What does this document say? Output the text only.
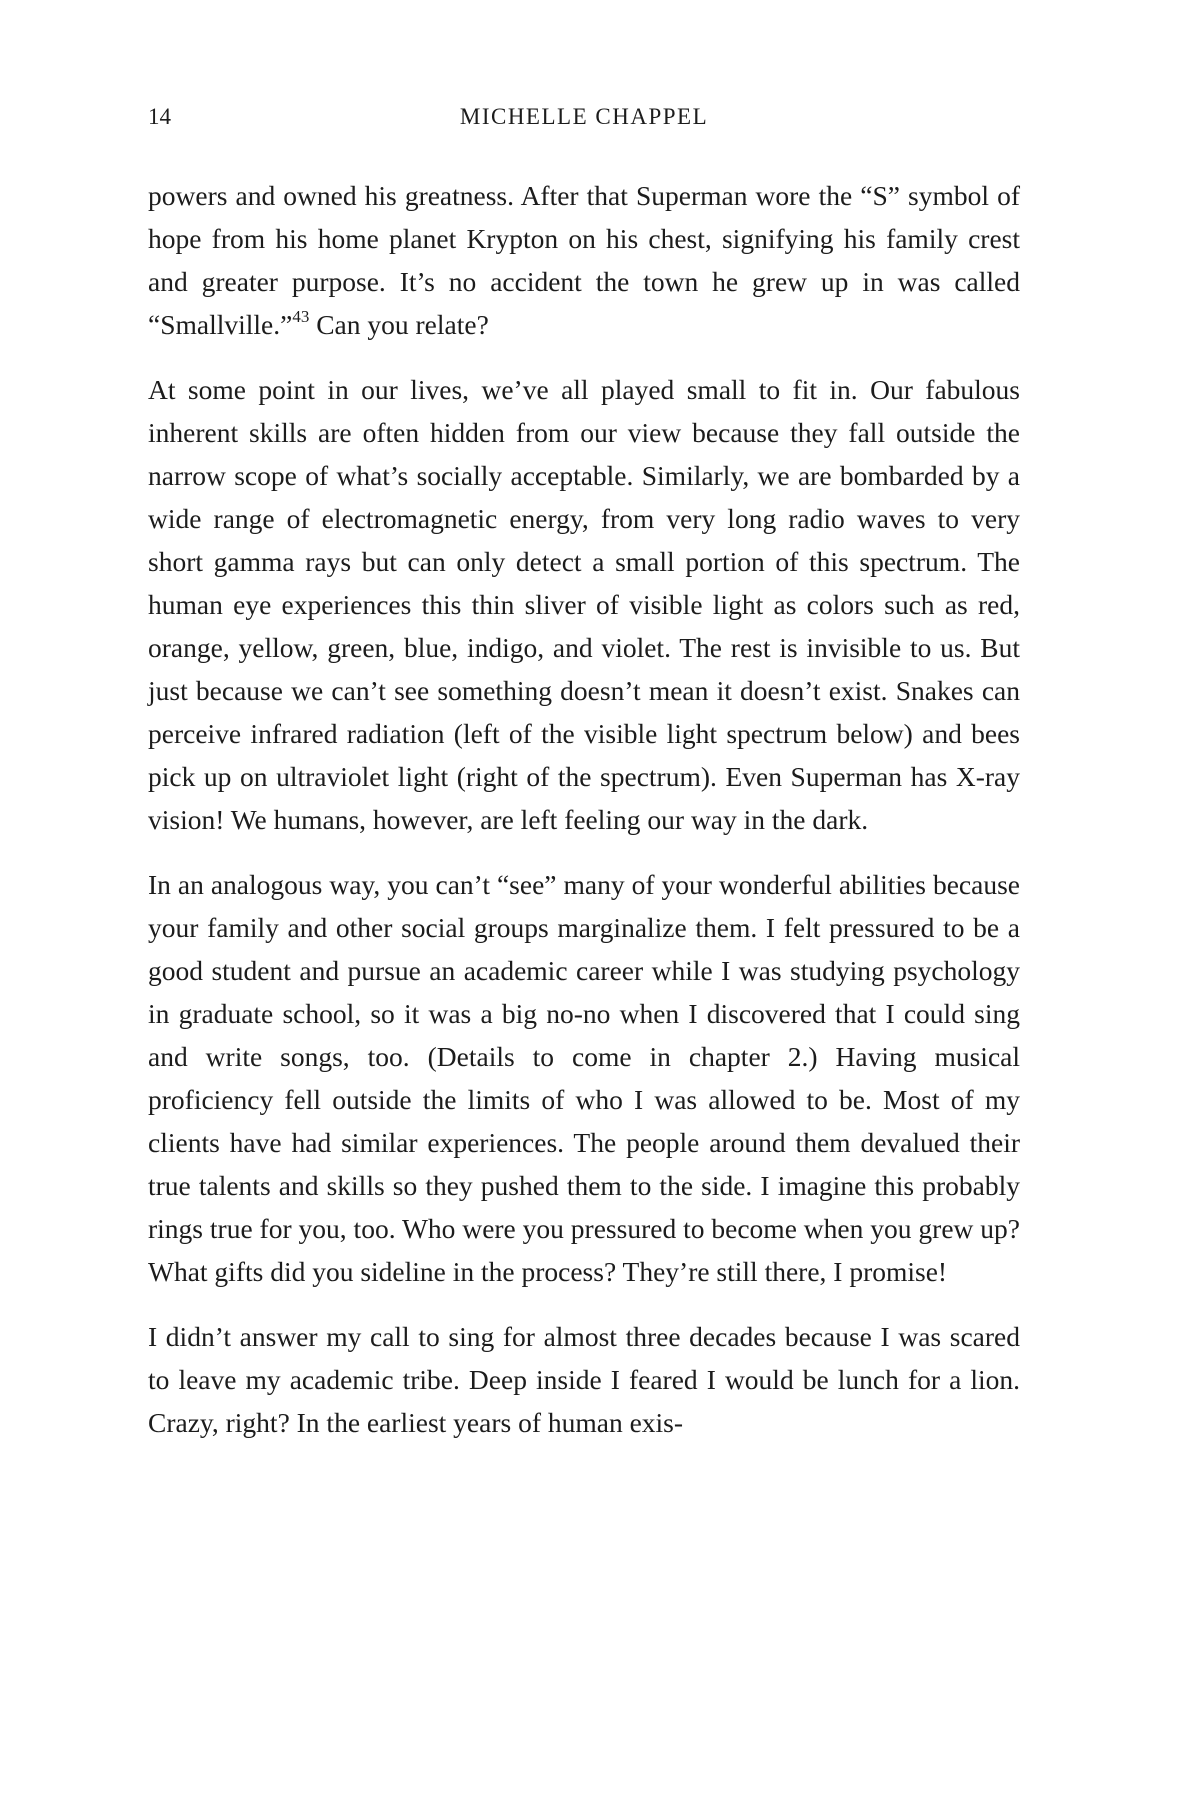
14	MICHELLE CHAPPEL

powers and owned his greatness. After that Superman wore the “S” symbol of hope from his home planet Krypton on his chest, signifying his family crest and greater purpose. It’s no accident the town he grew up in was called “Smallville.”$^{43}$ Can you relate?

At some point in our lives, we’ve all played small to fit in. Our fabulous inherent skills are often hidden from our view because they fall outside the narrow scope of what’s socially acceptable. Similarly, we are bombarded by a wide range of electromagnetic energy, from very long radio waves to very short gamma rays but can only detect a small portion of this spectrum. The human eye experiences this thin sliver of visible light as colors such as red, orange, yellow, green, blue, indigo, and violet. The rest is invisible to us. But just because we can’t see something doesn’t mean it doesn’t exist. Snakes can perceive infrared radiation (left of the visible light spectrum below) and bees pick up on ultraviolet light (right of the spectrum). Even Superman has X-ray vision! We humans, however, are left feeling our way in the dark.

In an analogous way, you can’t “see” many of your wonderful abilities because your family and other social groups marginalize them. I felt pressured to be a good student and pursue an academic career while I was studying psychology in graduate school, so it was a big no-no when I discovered that I could sing and write songs, too. (Details to come in chapter 2.) Having musical proficiency fell outside the limits of who I was allowed to be. Most of my clients have had similar experiences. The people around them devalued their true talents and skills so they pushed them to the side. I imagine this probably rings true for you, too. Who were you pressured to become when you grew up? What gifts did you sideline in the process? They’re still there, I promise!

I didn’t answer my call to sing for almost three decades because I was scared to leave my academic tribe. Deep inside I feared I would be lunch for a lion. Crazy, right? In the earliest years of human exis-
